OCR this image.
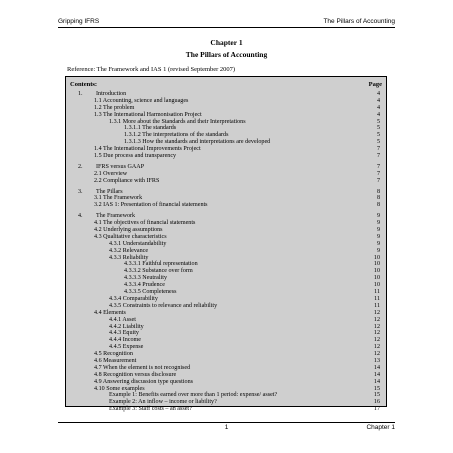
Gripping IFRS	The Pillars of Accounting
Chapter 1
The Pillars of Accounting
Reference: The Framework and IAS 1 (revised September 2007)
Contents:	Page
1. Introduction	4
1.1 Accounting, science and languages	4
1.2 The problem	4
1.3 The International Harmonisation Project	4
1.3.1 More about the Standards and their Interpretations	5
1.3.1.1 The standards	5
1.3.1.2 The interpretations of the standards	5
1.3.1.3 How the standards and interpretations are developed	5
1.4 The International Improvements Project	7
1.5 Due process and transparency	7
2. IFRS versus GAAP	7
2.1 Overview	7
2.2 Compliance with IFRS	7
3. The Pillars	8
3.1 The Framework	8
3.2 IAS 1: Presentation of financial statements	8
4. The Framework	9
4.1 The objectives of financial statements	9
4.2 Underlying assumptions	9
4.3 Qualitative characteristics	9
4.3.1 Understandability	9
4.3.2 Relevance	9
4.3.3 Reliability	10
4.3.3.1 Faithful representation	10
4.3.3.2 Substance over form	10
4.3.3.3 Neutrality	10
4.3.3.4 Prudence	10
4.3.3.5 Completeness	11
4.3.4 Comparability	11
4.3.5 Constraints to relevance and reliability	11
4.4 Elements	12
4.4.1 Asset	12
4.4.2 Liability	12
4.4.3 Equity	12
4.4.4 Income	12
4.4.5 Expense	12
4.5 Recognition	12
4.6 Measurement	13
4.7 When the element is not recognised	14
4.8 Recognition versus disclosure	14
4.9 Answering discussion type questions	14
4.10 Some examples	15
Example 1: Benefits earned over more than 1 period: expense/ asset?	15
Example 2: An inflow – income or liability?	16
Example 3: Staff costs – an asset?	17
1	Chapter 1
